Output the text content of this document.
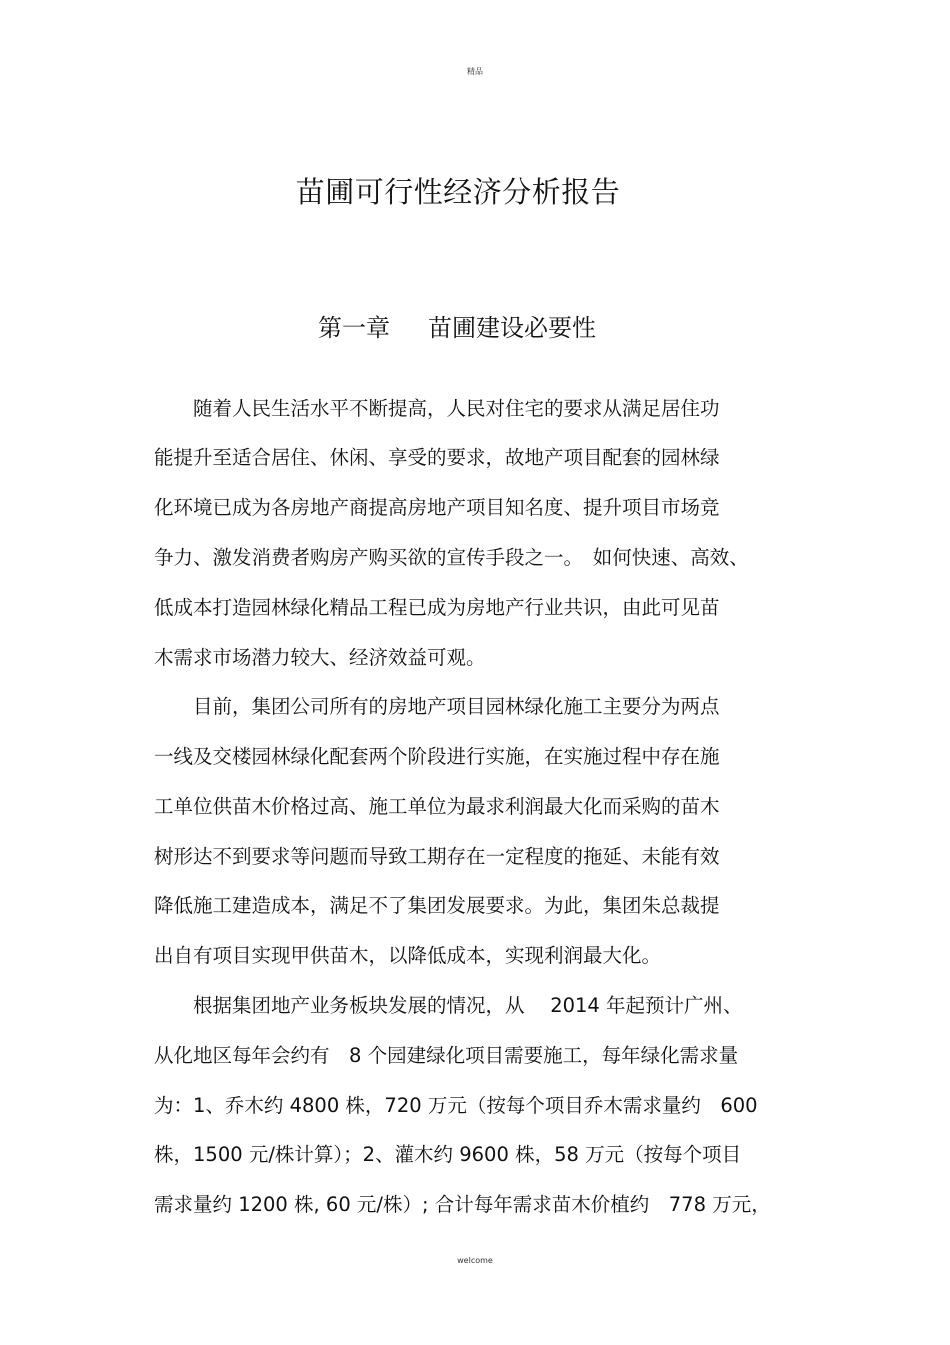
精品
苗圃可行性经济分析报告
第一章 苗圃建设必要性
　　随着人民生活水平不断提高，人民对住宅的要求从满足居住功
能提升至适合居住、休闲、享受的要求，故地产项目配套的园林绿
化环境已成为各房地产商提高房地产项目知名度、提升项目市场竞
争力、激发消费者购房产购买欲的宣传手段之一。　如何快速、高效、
低成本打造园林绿化精品工程已成为房地产行业共识，由此可见苗
木需求市场潜力较大、经济效益可观。
　　目前，集团公司所有的房地产项目园林绿化施工主要分为两点
一线及交楼园林绿化配套两个阶段进行实施，在实施过程中存在施
工单位供苗木价格过高、施工单位为最求利润最大化而采购的苗木
树形达不到要求等问题而导致工期存在一定程度的拖延、未能有效
降低施工建造成本，满足不了集团发展要求。为此，集团朱总裁提
出自有项目实现甲供苗木，以降低成本，实现利润最大化。
　　根据集团地产业务板块发展的情况，从　 2014 年起预计广州、
从化地区每年会约有　8 个园建绿化项目需要施工，每年绿化需求量
为：1、乔木约 4800 株，720 万元（按每个项目乔木需求量约　600
株，1500 元/株计算）；2、灌木约 9600 株，58 万元（按每个项目
需求量约 1200 株, 60 元/株）; 合计每年需求苗木价植约　778 万元，
welcome
